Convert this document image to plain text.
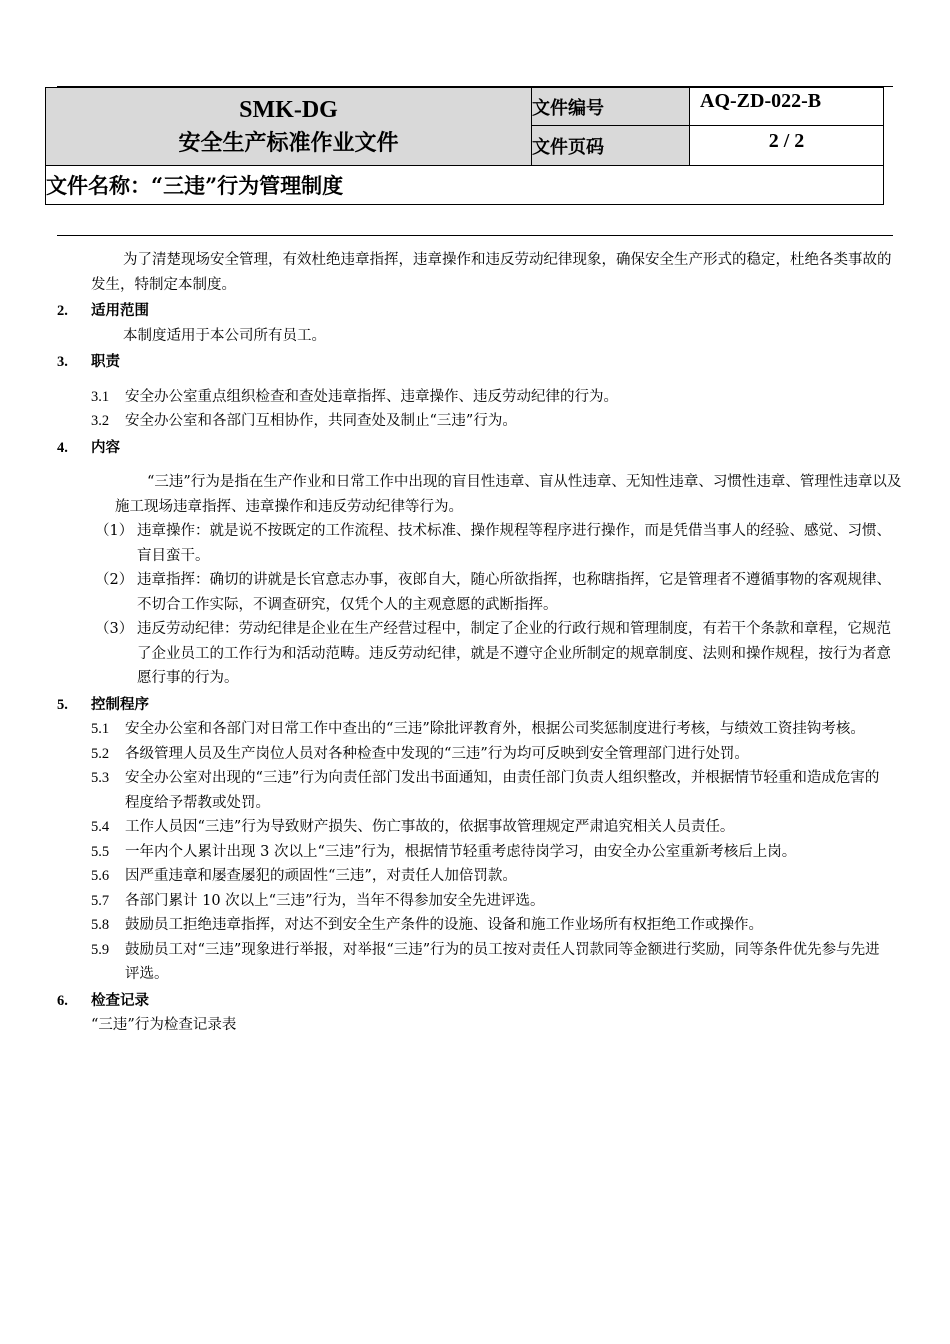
SMK-DG
安全生产标准作业文件	文件编号	AQ-ZD-022-B
	文件页码	2 / 2
文件名称：“三违”行为管理制度		

为了清楚现场安全管理，有效杜绝违章指挥，违章操作和违反劳动纪律现象，确保安全生产形式的稳定，杜绝各类事故的发生，特制定本制度。

2.	适用范围

本制度适用于本公司所有员工。

3.	职责
3.1	安全办公室重点组织检查和查处违章指挥、违章操作、违反劳动纪律的行为。
3.2	安全办公室和各部门互相协作，共同查处及制止“三违”行为。
4.	内容

“三违”行为是指在生产作业和日常工作中出现的盲目性违章、盲从性违章、无知性违章、习惯性违章、管理性违章以及施工现场违章指挥、违章操作和违反劳动纪律等行为。

（1） 违章操作：就是说不按既定的工作流程、技术标准、操作规程等程序进行操作，而是凭借当事人的经验、感觉、习惯、盲目蛮干。
（2） 违章指挥：确切的讲就是长官意志办事，夜郎自大，随心所欲指挥，也称瞎指挥，它是管理者不遵循事物的客观规律、不切合工作实际，不调查研究，仅凭个人的主观意愿的武断指挥。
（3） 违反劳动纪律：劳动纪律是企业在生产经营过程中，制定了企业的行政行规和管理制度，有若干个条款和章程，它规范了企业员工的工作行为和活动范畴。违反劳动纪律，就是不遵守企业所制定的规章制度、法则和操作规程，按行为者意愿行事的行为。
5.	控制程序
5.1	安全办公室和各部门对日常工作中查出的“三违”除批评教育外，根据公司奖惩制度进行考核，与绩效工资挂钩考核。
5.2	各级管理人员及生产岗位人员对各种检查中发现的“三违”行为均可反映到安全管理部门进行处罚。
5.3	安全办公室对出现的“三违”行为向责任部门发出书面通知，由责任部门负责人组织整改，并根据情节轻重和造成危害的程度给予帮教或处罚。
5.4	工作人员因“三违”行为导致财产损失、伤亡事故的，依据事故管理规定严肃追究相关人员责任。
5.5	一年内个人累计出现 3 次以上“三违”行为，根据情节轻重考虑待岗学习，由安全办公室重新考核后上岗。
5.6	因严重违章和屡查屡犯的顽固性“三违”，对责任人加倍罚款。
5.7	各部门累计 10 次以上“三违”行为，当年不得参加安全先进评选。
5.8	鼓励员工拒绝违章指挥，对达不到安全生产条件的设施、设备和施工作业场所有权拒绝工作或操作。
5.9	鼓励员工对“三违”现象进行举报，对举报“三违”行为的员工按对责任人罚款同等金额进行奖励，同等条件优先参与先进评选。
6.	检查记录

“三违”行为检查记录表
